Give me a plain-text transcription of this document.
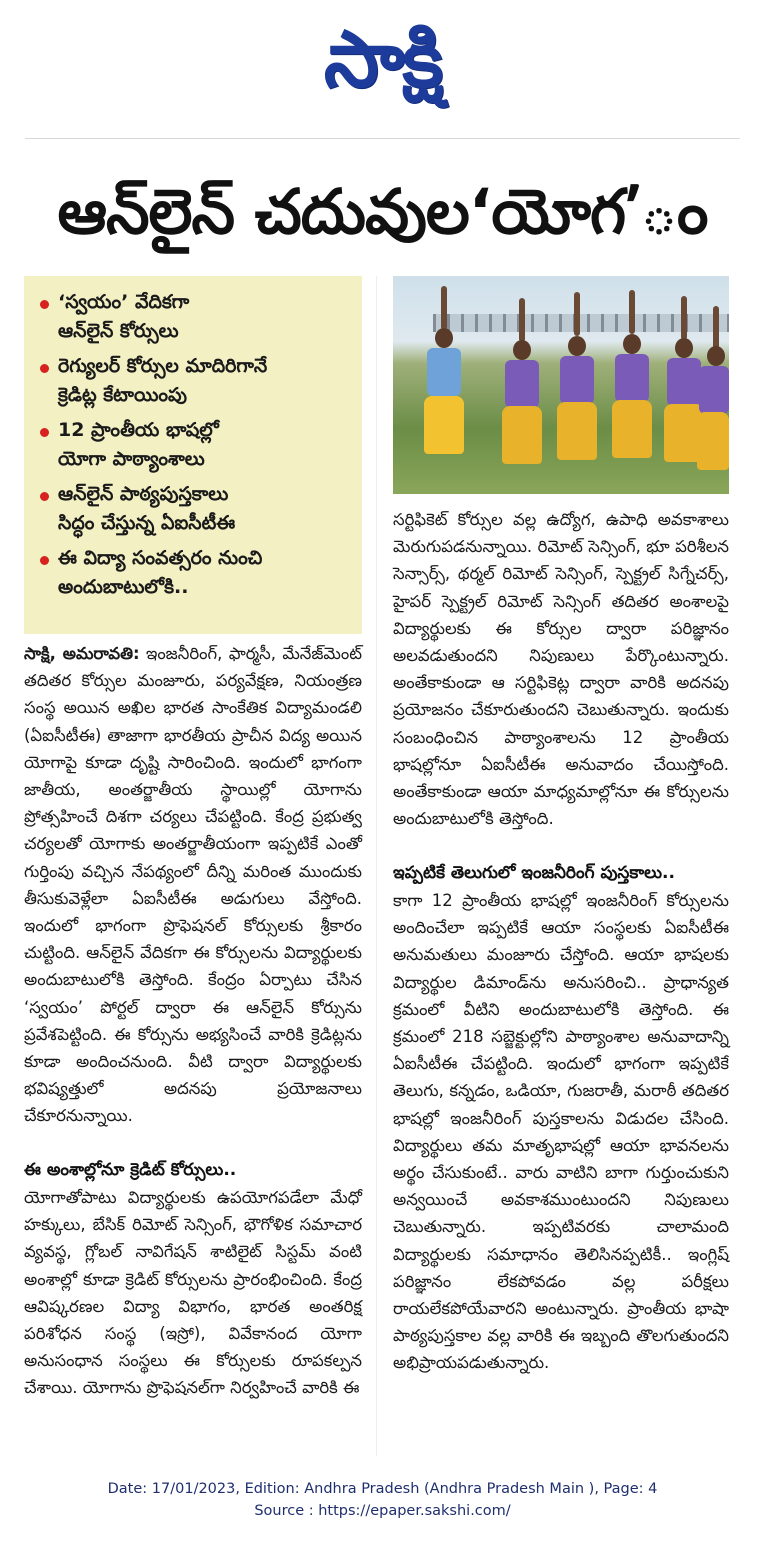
సాక్షి
ఆన్‌లైన్ చదువుల‘యోగ’ం
‘స్వయం’ వేదికగా
ఆన్‌లైన్ కోర్సులు
రెగ్యులర్ కోర్సుల మాదిరిగానే
క్రెడిట్ల కేటాయింపు
12 ప్రాంతీయ భాషల్లో
యోగా పాఠ్యాంశాలు
ఆన్‌లైన్ పాఠ్యపుస్తకాలు
సిద్ధం చేస్తున్న ఏఐసీటీఈ
ఈ విద్యా సంవత్సరం నుంచి
అందుబాటులోకి..
సాక్షి, అమరావతి: ఇంజనీరింగ్, ఫార్మసీ, మేనేజ్‌మెంట్ తదితర కోర్సుల మంజూరు, పర్యవేక్షణ, నియంత్రణ సంస్థ అయిన అఖిల భారత సాంకేతిక విద్యామండలి (ఏఐసీటీఈ) తాజాగా భారతీయ ప్రాచీన విద్య అయిన యోగాపై కూడా దృష్టి సారించింది. ఇందులో భాగంగా జాతీయ, అంతర్జాతీయ స్థాయిల్లో యోగాను ప్రోత్సహించే దిశగా చర్యలు చేపట్టింది. కేంద్ర ప్రభుత్వ చర్యలతో యోగాకు అంతర్జాతీయంగా ఇప్పటికే ఎంతో గుర్తింపు వచ్చిన నేపథ్యంలో దీన్ని మరింత ముందుకు తీసుకువెళ్లేలా ఏఐసీటీఈ అడుగులు వేస్తోంది. ఇందులో భాగంగా ప్రొఫెషనల్ కోర్సులకు శ్రీకారం చుట్టింది. ఆన్‌లైన్ వేదికగా ఈ కోర్సులను విద్యార్థులకు అందుబాటులోకి తెస్తోంది. కేంద్రం ఏర్పాటు చేసిన ‘స్వయం’ పోర్టల్ ద్వారా ఈ ఆన్‌లైన్ కోర్సును ప్రవేశపెట్టింది. ఈ కోర్సును అభ్యసించే వారికి క్రెడిట్లను కూడా అందించనుంది. వీటి ద్వారా విద్యార్థులకు భవిష్యత్తులో అదనపు ప్రయోజనాలు చేకూరనున్నాయి.
ఈ అంశాల్లోనూ క్రెడిట్ కోర్సులు..
యోగాతోపాటు విద్యార్థులకు ఉపయోగపడేలా మేధో హక్కులు, బేసిక్ రిమోట్ సెన్సింగ్, భౌగోళిక సమాచార వ్యవస్థ, గ్లోబల్ నావిగేషన్ శాటిలైట్ సిస్టమ్ వంటి అంశాల్లో కూడా క్రెడిట్ కోర్సులను ప్రారంభించింది. కేంద్ర ఆవిష్కరణల విద్యా విభాగం, భారత అంతరిక్ష పరిశోధన సంస్థ (ఇస్రో), వివేకానంద యోగా అనుసంధాన సంస్థలు ఈ కోర్సులకు రూపకల్పన చేశాయి. యోగాను ప్రొఫెషనల్‌గా నిర్వహించే వారికి ఈ
సర్టిఫికెట్ కోర్సుల వల్ల ఉద్యోగ, ఉపాధి అవకాశాలు మెరుగుపడనున్నాయి. రిమోట్ సెన్సింగ్, భూ పరిశీలన సెన్సార్స్, థర్మల్ రిమోట్ సెన్సింగ్, స్పెక్ట్రల్ సిగ్నేచర్స్, హైపర్ స్పెక్ట్రల్ రిమోట్ సెన్సింగ్ తదితర అంశాలపై విద్యార్థులకు ఈ కోర్సుల ద్వారా పరిజ్ఞానం అలవడుతుందని నిపుణులు పేర్కొంటున్నారు. అంతేకాకుండా ఆ సర్టిఫికెట్ల ద్వారా వారికి అదనపు ప్రయోజనం చేకూరుతుందని చెబుతున్నారు. ఇందుకు సంబంధించిన పాఠ్యాంశాలను 12 ప్రాంతీయ భాషల్లోనూ ఏఐసీటీఈ అనువాదం చేయిస్తోంది. అంతేకాకుండా ఆయా మాధ్యమాల్లోనూ ఈ కోర్సులను అందుబాటులోకి తెస్తోంది.
ఇప్పటికే తెలుగులో ఇంజనీరింగ్ పుస్తకాలు..
కాగా 12 ప్రాంతీయ భాషల్లో ఇంజనీరింగ్ కోర్సులను అందించేలా ఇప్పటికే ఆయా సంస్థలకు ఏఐసీటీఈ అనుమతులు మంజూరు చేస్తోంది. ఆయా భాషలకు విద్యార్థుల డిమాండ్‌ను అనుసరించి.. ప్రాధాన్యత క్రమంలో వీటిని అందుబాటులోకి తెస్తోంది. ఈ క్రమంలో 218 సబ్జెక్టుల్లోని పాఠ్యాంశాల అనువాదాన్ని ఏఐసీటీఈ చేపట్టింది. ఇందులో భాగంగా ఇప్పటికే తెలుగు, కన్నడం, ఒడియా, గుజరాతీ, మరాఠీ తదితర భాషల్లో ఇంజనీరింగ్ పుస్తకాలను విడుదల చేసింది. విద్యార్థులు తమ మాతృభాషల్లో ఆయా భావనలను అర్థం చేసుకుంటే.. వారు వాటిని బాగా గుర్తుంచుకుని అన్వయించే అవకాశముంటుందని నిపుణులు చెబుతున్నారు. ఇప్పటివరకు చాలామంది విద్యార్థులకు సమాధానం తెలిసినప్పటికీ.. ఇంగ్లిష్ పరిజ్ఞానం లేకపోవడం వల్ల పరీక్షలు రాయలేకపోయేవారని అంటున్నారు. ప్రాంతీయ భాషా పాఠ్యపుస్తకాల వల్ల వారికి ఈ ఇబ్బంది తొలగుతుందని అభిప్రాయపడుతున్నారు.
Date: 17/01/2023, Edition: Andhra Pradesh (Andhra Pradesh Main ), Page: 4
Source : https://epaper.sakshi.com/
